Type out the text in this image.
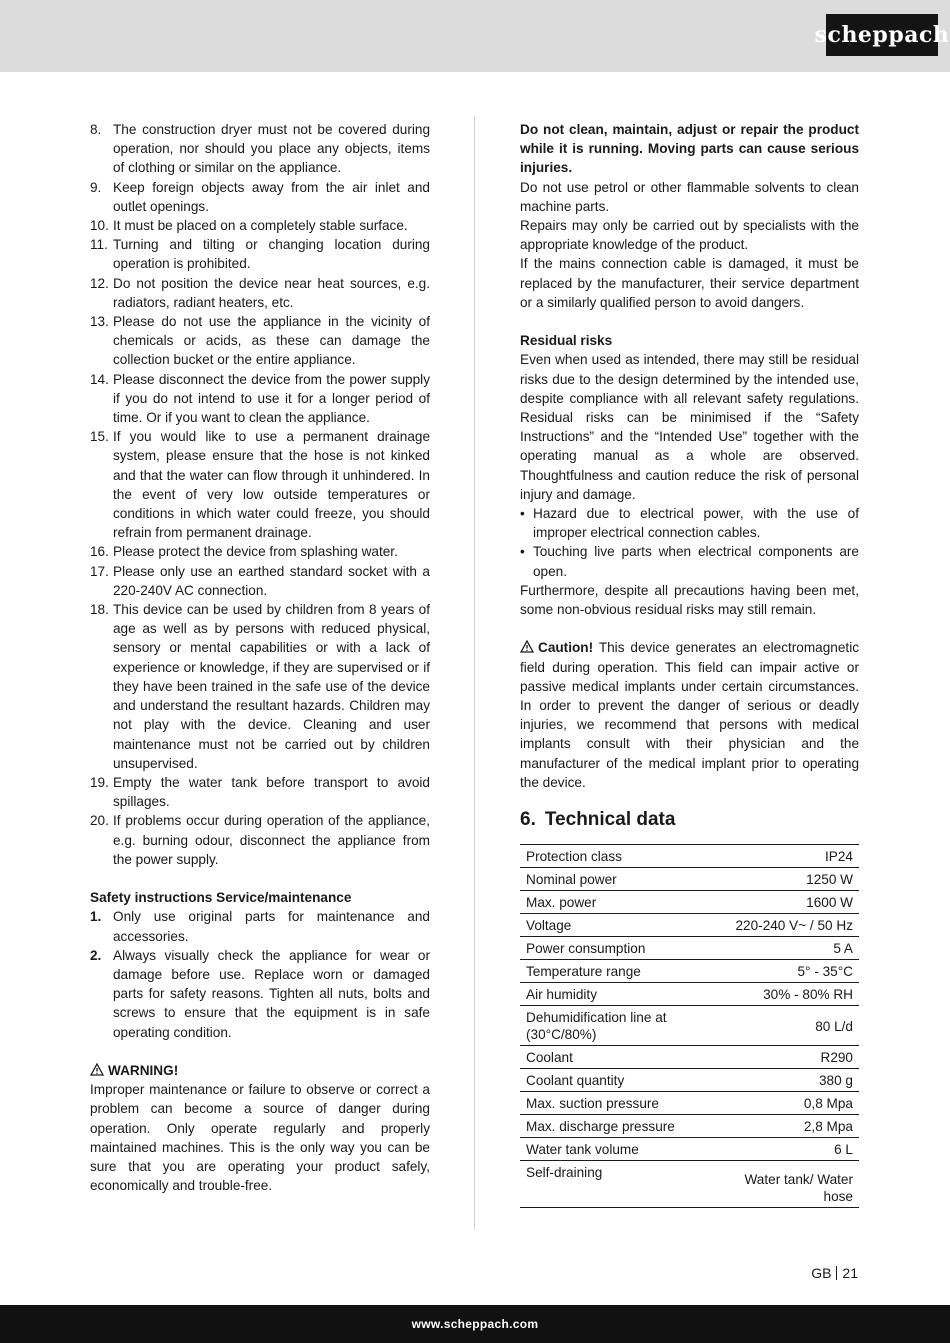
scheppach
8. The construction dryer must not be covered during operation, nor should you place any objects, items of clothing or similar on the appliance.
9. Keep foreign objects away from the air inlet and outlet openings.
10. It must be placed on a completely stable surface.
11. Turning and tilting or changing location during operation is prohibited.
12. Do not position the device near heat sources, e.g. radiators, radiant heaters, etc.
13. Please do not use the appliance in the vicinity of chemicals or acids, as these can damage the collection bucket or the entire appliance.
14. Please disconnect the device from the power supply if you do not intend to use it for a longer period of time. Or if you want to clean the appliance.
15. If you would like to use a permanent drainage system, please ensure that the hose is not kinked and that the water can flow through it unhindered. In the event of very low outside temperatures or conditions in which water could freeze, you should refrain from permanent drainage.
16. Please protect the device from splashing water.
17. Please only use an earthed standard socket with a 220-240V AC connection.
18. This device can be used by children from 8 years of age as well as by persons with reduced physical, sensory or mental capabilities or with a lack of experience or knowledge, if they are supervised or if they have been trained in the safe use of the device and understand the resultant hazards. Children may not play with the device. Cleaning and user maintenance must not be carried out by children unsupervised.
19. Empty the water tank before transport to avoid spillages.
20. If problems occur during operation of the appliance, e.g. burning odour, disconnect the appliance from the power supply.
Safety instructions Service/maintenance
1. Only use original parts for maintenance and accessories.
2. Always visually check the appliance for wear or damage before use. Replace worn or damaged parts for safety reasons. Tighten all nuts, bolts and screws to ensure that the equipment is in safe operating condition.
WARNING!

Improper maintenance or failure to observe or correct a problem can become a source of danger during operation. Only operate regularly and properly maintained machines. This is the only way you can be sure that you are operating your product safely, economically and trouble-free.

Do not clean, maintain, adjust or repair the product while it is running. Moving parts can cause serious injuries.

Do not use petrol or other flammable solvents to clean machine parts.

Repairs may only be carried out by specialists with the appropriate knowledge of the product.

If the mains connection cable is damaged, it must be replaced by the manufacturer, their service department or a similarly qualified person to avoid dangers.

Residual risks

Even when used as intended, there may still be residual risks due to the design determined by the intended use, despite compliance with all relevant safety regulations. Residual risks can be minimised if the “Safety Instructions” and the “Intended Use” together with the operating manual as a whole are observed. Thoughtfulness and caution reduce the risk of personal injury and damage.

• Hazard due to electrical power, with the use of improper electrical connection cables.
• Touching live parts when electrical components are open.

Furthermore, despite all precautions having been met, some non-obvious residual risks may still remain.

Caution! This device generates an electromagnetic field during operation. This field can impair active or passive medical implants under certain circumstances. In order to prevent the danger of serious or deadly injuries, we recommend that persons with medical implants consult with their physician and the manufacturer of the medical implant prior to operating the device.

6. Technical data
Protection class	IP24
Nominal power	1250 W
Max. power	1600 W
Voltage	220-240 V~ / 50 Hz
Power consumption	5 A
Temperature range	5° - 35°C
Air humidity	30% - 80% RH
Dehumidification line at (30°C/80%)	80 L/d
Coolant	R290
Coolant quantity	380 g
Max. suction pressure	0,8 Mpa
Max. discharge pressure	2,8 Mpa
Water tank volume	6 L
Self-draining	Water tank/ Water hose
GB 21
www.scheppach.com
